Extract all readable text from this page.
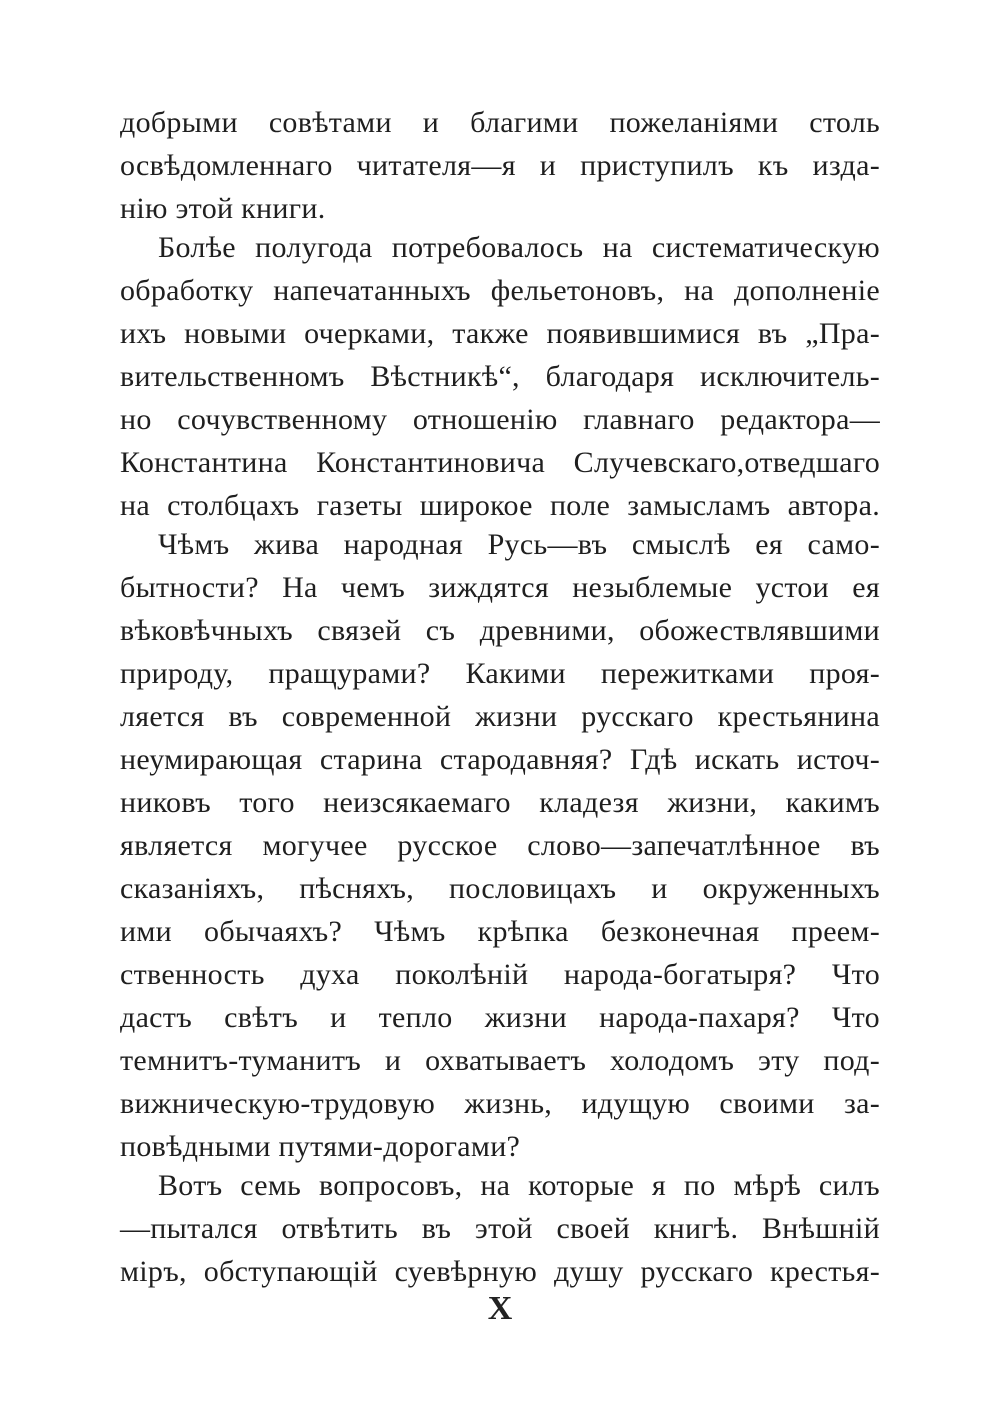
добрыми совѣтами и благими пожеланіями столь
освѣдомленнаго читателя—я и приступилъ къ изда-
нію этой книги.
Болѣе полугода потребовалось на систематическую
обработку напечатанныхъ фельетоновъ, на дополненіе
ихъ новыми очерками, также появившимися въ „Пра-
вительственномъ Вѣстникѣ“, благодаря исключитель-
но сочувственному отношенію главнаго редактора—
Константина Константиновича Случевскаго,отведшаго
на столбцахъ газеты широкое поле замысламъ автора.
Чѣмъ жива народная Русь—въ смыслѣ ея само-
бытности? На чемъ зиждятся незыблемые устои ея
вѣковѣчныхъ связей съ древними, обожествлявшими
природу, пращурами? Какими пережитками проя-
ляется въ современной жизни русскаго крестьянина
неумирающая старина стародавняя? Гдѣ искать источ-
никовъ того неизсякаемаго кладезя жизни, какимъ
является могучее русское слово—запечатлѣнное въ
сказаніяхъ, пѣсняхъ, пословицахъ и окруженныхъ
ими обычаяхъ? Чѣмъ крѣпка безконечная преем-
ственность духа поколѣній народа-богатыря? Что
дастъ свѣтъ и тепло жизни народа-пахаря? Что
темнитъ-туманитъ и охватываетъ холодомъ эту под-
вижническую-трудовую жизнь, идущую своими за-
повѣдными путями-дорогами?
Вотъ семь вопросовъ, на которые я по мѣрѣ силъ
—пытался отвѣтить въ этой своей книгѣ. Внѣшній
міръ, обступающій суевѣрную душу русскаго крестья-
X
